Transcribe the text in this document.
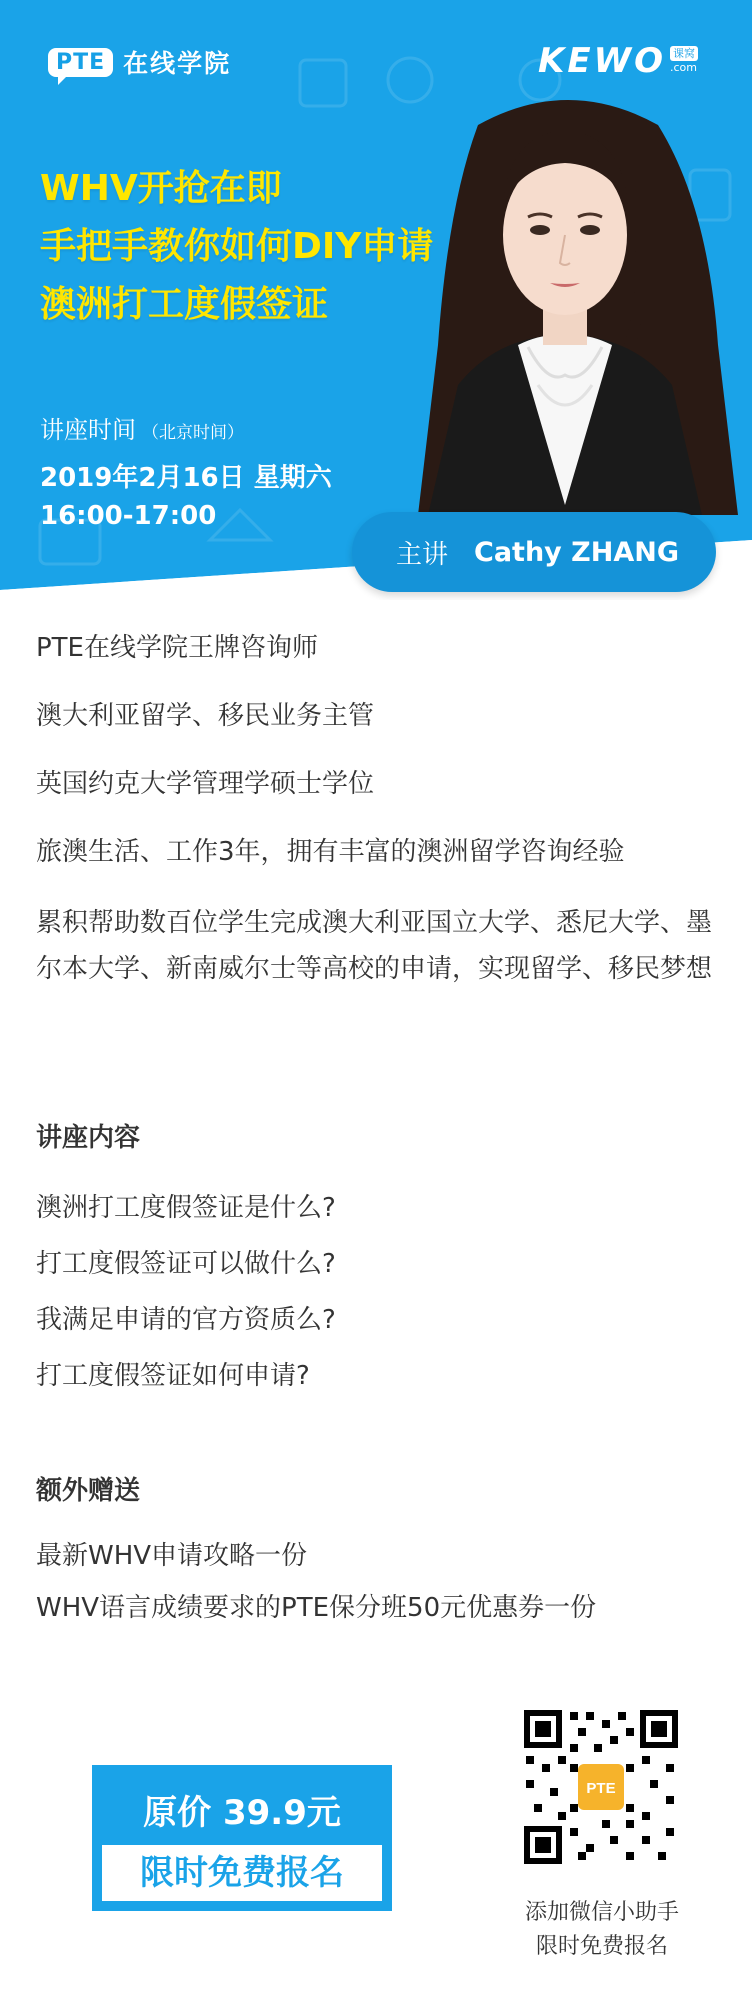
PTE 在线学院	KEWO 课窝
.com
WHV开抢在即
手把手教你如何DIY申请
澳洲打工度假签证
讲座时间 （北京时间）
2019年2月16日 星期六
16:00-17:00
主讲 Cathy ZHANG

PTE在线学院王牌咨询师

澳大利亚留学、移民业务主管

英国约克大学管理学硕士学位

旅澳生活、工作3年，拥有丰富的澳洲留学咨询经验

累积帮助数百位学生完成澳大利亚国立大学、悉尼大学、墨尔本大学、新南威尔士等高校的申请，实现留学、移民梦想

讲座内容

澳洲打工度假签证是什么?

打工度假签证可以做什么?

我满足申请的官方资质么?

打工度假签证如何申请?

额外赠送

最新WHV申请攻略一份

WHV语言成绩要求的PTE保分班50元优惠券一份

原价 39.9元
限时免费报名
PTE
添加微信小助手
限时免费报名
